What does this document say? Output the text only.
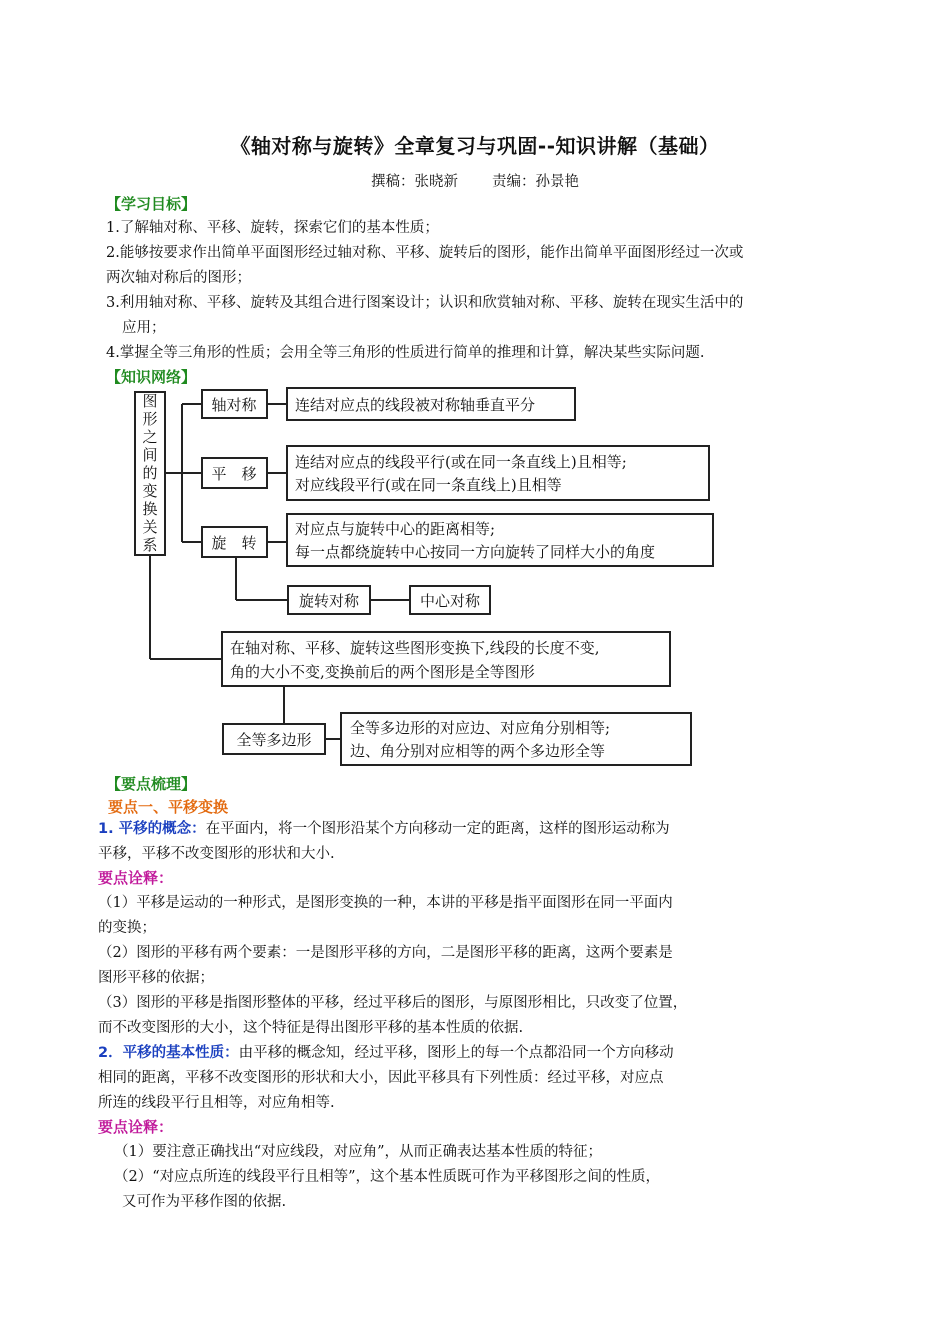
《轴对称与旋转》全章复习与巩固--知识讲解（基础）
撰稿：张晓新 责编：孙景艳
【学习目标】
1.了解轴对称、平移、旋转，探索它们的基本性质；
2.能够按要求作出简单平面图形经过轴对称、平移、旋转后的图形，能作出简单平面图形经过一次或
两次轴对称后的图形；
3.利用轴对称、平移、旋转及其组合进行图案设计；认识和欣赏轴对称、平移、旋转在现实生活中的
应用；
4.掌握全等三角形的性质；会用全等三角形的性质进行简单的推理和计算，解决某些实际问题.
【知识网络】
图
形
之
间
的
变
换
关
系
轴对称
平　移
旋　转
连结对应点的线段被对称轴垂直平分
连结对应点的线段平行(或在同一条直线上)且相等;
对应线段平行(或在同一条直线上)且相等
对应点与旋转中心的距离相等;
每一点都绕旋转中心按同一方向旋转了同样大小的角度
旋转对称	中心对称
在轴对称、平移、旋转这些图形变换下,线段的长度不变,
角的大小不变,变换前后的两个图形是全等图形
全等多边形
全等多边形的对应边、对应角分别相等;
边、角分别对应相等的两个多边形全等
【要点梳理】
要点一、平移变换
1. 平移的概念：在平面内，将一个图形沿某个方向移动一定的距离，这样的图形运动称为
平移，平移不改变图形的形状和大小.
要点诠释：
（1）平移是运动的一种形式，是图形变换的一种，本讲的平移是指平面图形在同一平面内
的变换；
（2）图形的平移有两个要素：一是图形平移的方向，二是图形平移的距离，这两个要素是
图形平移的依据；
（3）图形的平移是指图形整体的平移，经过平移后的图形，与原图形相比，只改变了位置，
而不改变图形的大小，这个特征是得出图形平移的基本性质的依据.
2．平移的基本性质：由平移的概念知，经过平移，图形上的每一个点都沿同一个方向移动
相同的距离，平移不改变图形的形状和大小，因此平移具有下列性质：经过平移，对应点
所连的线段平行且相等，对应角相等.
要点诠释：
（1）要注意正确找出“对应线段，对应角”，从而正确表达基本性质的特征；
（2）“对应点所连的线段平行且相等”，这个基本性质既可作为平移图形之间的性质，
又可作为平移作图的依据.
